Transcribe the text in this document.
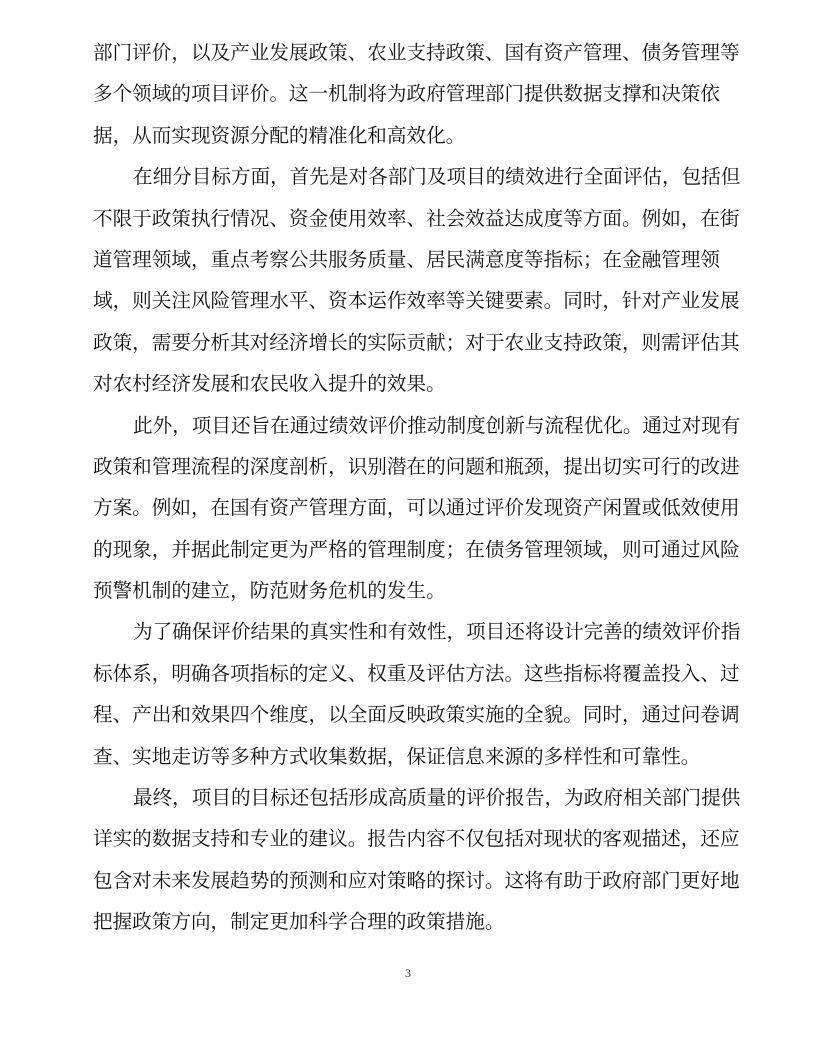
部门评价，以及产业发展政策、农业支持政策、国有资产管理、债务管理等
多个领域的项目评价。这一机制将为政府管理部门提供数据支撑和决策依
据，从而实现资源分配的精准化和高效化。
在细分目标方面，首先是对各部门及项目的绩效进行全面评估，包括但
不限于政策执行情况、资金使用效率、社会效益达成度等方面。例如，在街
道管理领域，重点考察公共服务质量、居民满意度等指标；在金融管理领
域，则关注风险管理水平、资本运作效率等关键要素。同时，针对产业发展
政策，需要分析其对经济增长的实际贡献；对于农业支持政策，则需评估其
对农村经济发展和农民收入提升的效果。
此外，项目还旨在通过绩效评价推动制度创新与流程优化。通过对现有
政策和管理流程的深度剖析，识别潜在的问题和瓶颈，提出切实可行的改进
方案。例如，在国有资产管理方面，可以通过评价发现资产闲置或低效使用
的现象，并据此制定更为严格的管理制度；在债务管理领域，则可通过风险
预警机制的建立，防范财务危机的发生。
为了确保评价结果的真实性和有效性，项目还将设计完善的绩效评价指
标体系，明确各项指标的定义、权重及评估方法。这些指标将覆盖投入、过
程、产出和效果四个维度，以全面反映政策实施的全貌。同时，通过问卷调
查、实地走访等多种方式收集数据，保证信息来源的多样性和可靠性。
最终，项目的目标还包括形成高质量的评价报告，为政府相关部门提供
详实的数据支持和专业的建议。报告内容不仅包括对现状的客观描述，还应
包含对未来发展趋势的预测和应对策略的探讨。这将有助于政府部门更好地
把握政策方向，制定更加科学合理的政策措施。
3
